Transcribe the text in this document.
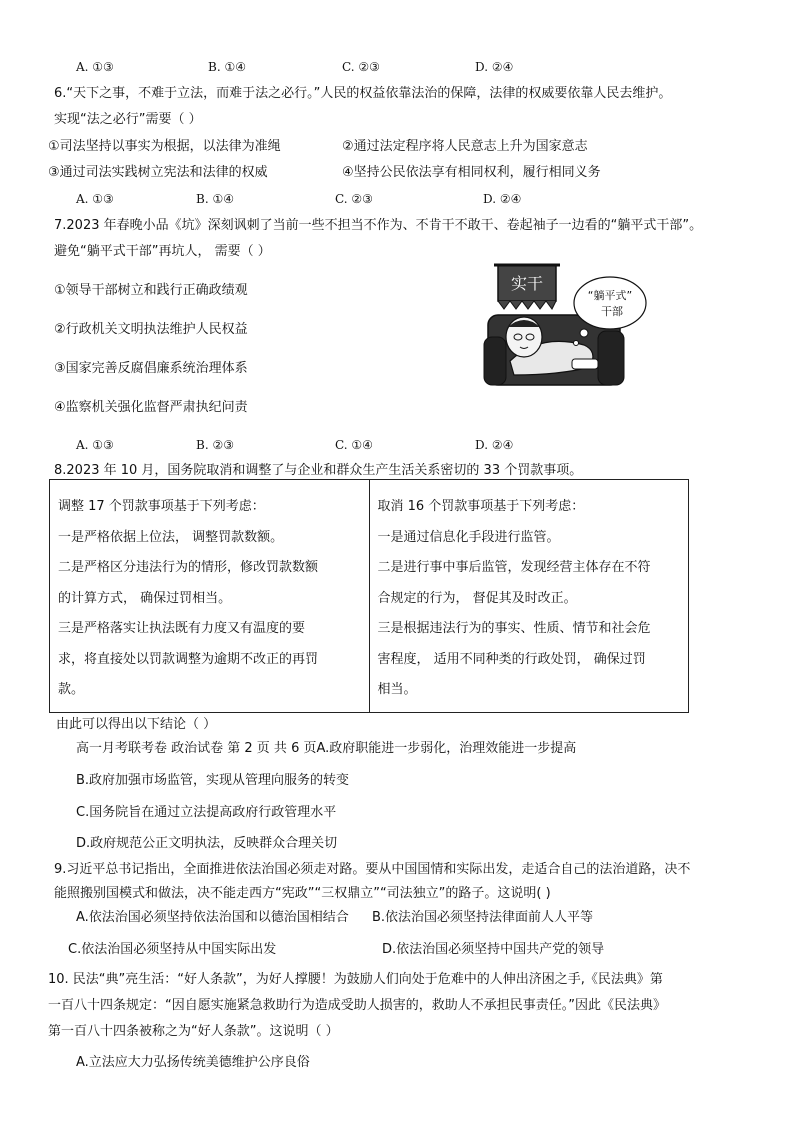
A. ①③	B. ①④	C. ②③	D. ②④
6.“天下之事，不难于立法，而难于法之必行。”人民的权益依靠法治的保障，法律的权威要依靠人民去维护。
实现“法之必行”需要（ ）
①司法坚持以事实为根据，以法律为准绳	②通过法定程序将人民意志上升为国家意志
③通过司法实践树立宪法和法律的权威	④坚持公民依法享有相同权利，履行相同义务
A. ①③	B. ①④	C. ②③	D. ②④
7.2023 年春晚小品《坑》深刻讽刺了当前一些不担当不作为、不肯干不敢干、卷起袖子一边看的“躺平式干部”。
避免“躺平式干部”再坑人， 需要（ ）
①领导干部树立和践行正确政绩观
②行政机关文明执法维护人民权益
③国家完善反腐倡廉系统治理体系
④监察机关强化监督严肃执纪问责
A. ①③	B. ②③	C. ①④	D. ②④
实干
“躺平式”
干部
8.2023 年 10 月，国务院取消和调整了与企业和群众生产生活关系密切的 33 个罚款事项。
调整 17 个罚款事项基于下列考虑：
一是严格依据上位法， 调整罚款数额。
二是严格区分违法行为的情形，修改罚款数额
的计算方式， 确保过罚相当。
三是严格落实让执法既有力度又有温度的要
求，将直接处以罚款调整为逾期不改正的再罚
款。

取消 16 个罚款事项基于下列考虑：
一是通过信息化手段进行监管。
二是进行事中事后监管，发现经营主体存在不符
合规定的行为， 督促其及时改正。
三是根据违法行为的事实、性质、情节和社会危
害程度， 适用不同种类的行政处罚， 确保过罚
相当。
由此可以得出以下结论（ ）
高一月考联考卷 政治试卷 第 2 页 共 6 页A.政府职能进一步弱化，治理效能进一步提高
B.政府加强市场监管，实现从管理向服务的转变
C.国务院旨在通过立法提高政府行政管理水平
D.政府规范公正文明执法，反映群众合理关切
9.习近平总书记指出，全面推进依法治国必须走对路。要从中国国情和实际出发，走适合自己的法治道路，决不
能照搬别国模式和做法，决不能走西方“宪政”“三权鼎立”“司法独立”的路子。这说明( )
A.依法治国必须坚持依法治国和以德治国相结合 B.依法治国必须坚持法律面前人人平等
C.依法治国必须坚持从中国实际出发	D.依法治国必须坚持中国共产党的领导
10. 民法“典”亮生活：“好人条款”，为好人撑腰！为鼓励人们向处于危难中的人伸出济困之手,《民法典》第
一百八十四条规定：“因自愿实施紧急救助行为造成受助人损害的，救助人不承担民事责任。”因此《民法典》
第一百八十四条被称之为“好人条款”。这说明（ ）
A.立法应大力弘扬传统美德维护公序良俗
